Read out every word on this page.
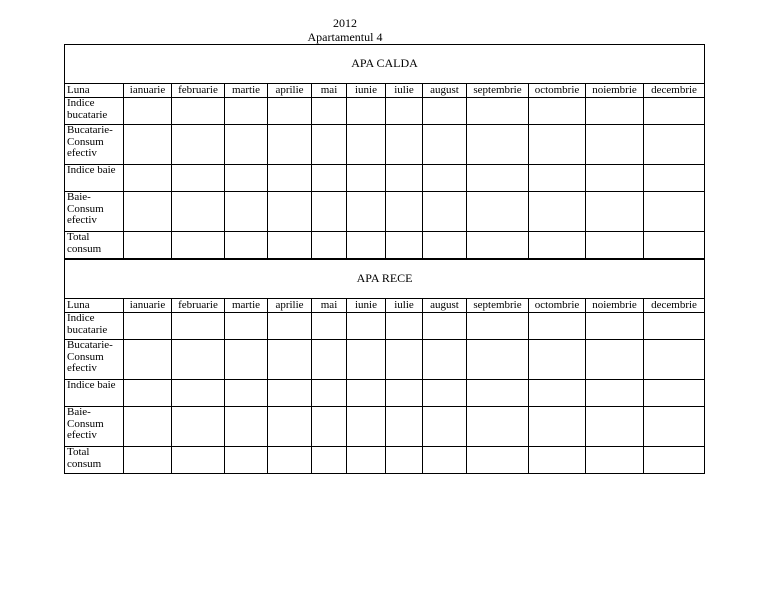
2012
Apartamentul 4
APA CALDA												
Luna	ianuarie	februarie	martie	aprilie	mai	iunie	iulie	august	septembrie	octombrie	noiembrie	decembrie
Indice bucatarie												
Bucatarie-Consum efectiv												
Indice baie												
Baie-Consum efectiv												
Total consum												
APA RECE												
Luna	ianuarie	februarie	martie	aprilie	mai	iunie	iulie	august	septembrie	octombrie	noiembrie	decembrie
Indice bucatarie												
Bucatarie-Consum efectiv												
Indice baie												
Baie-Consum efectiv												
Total consum												
